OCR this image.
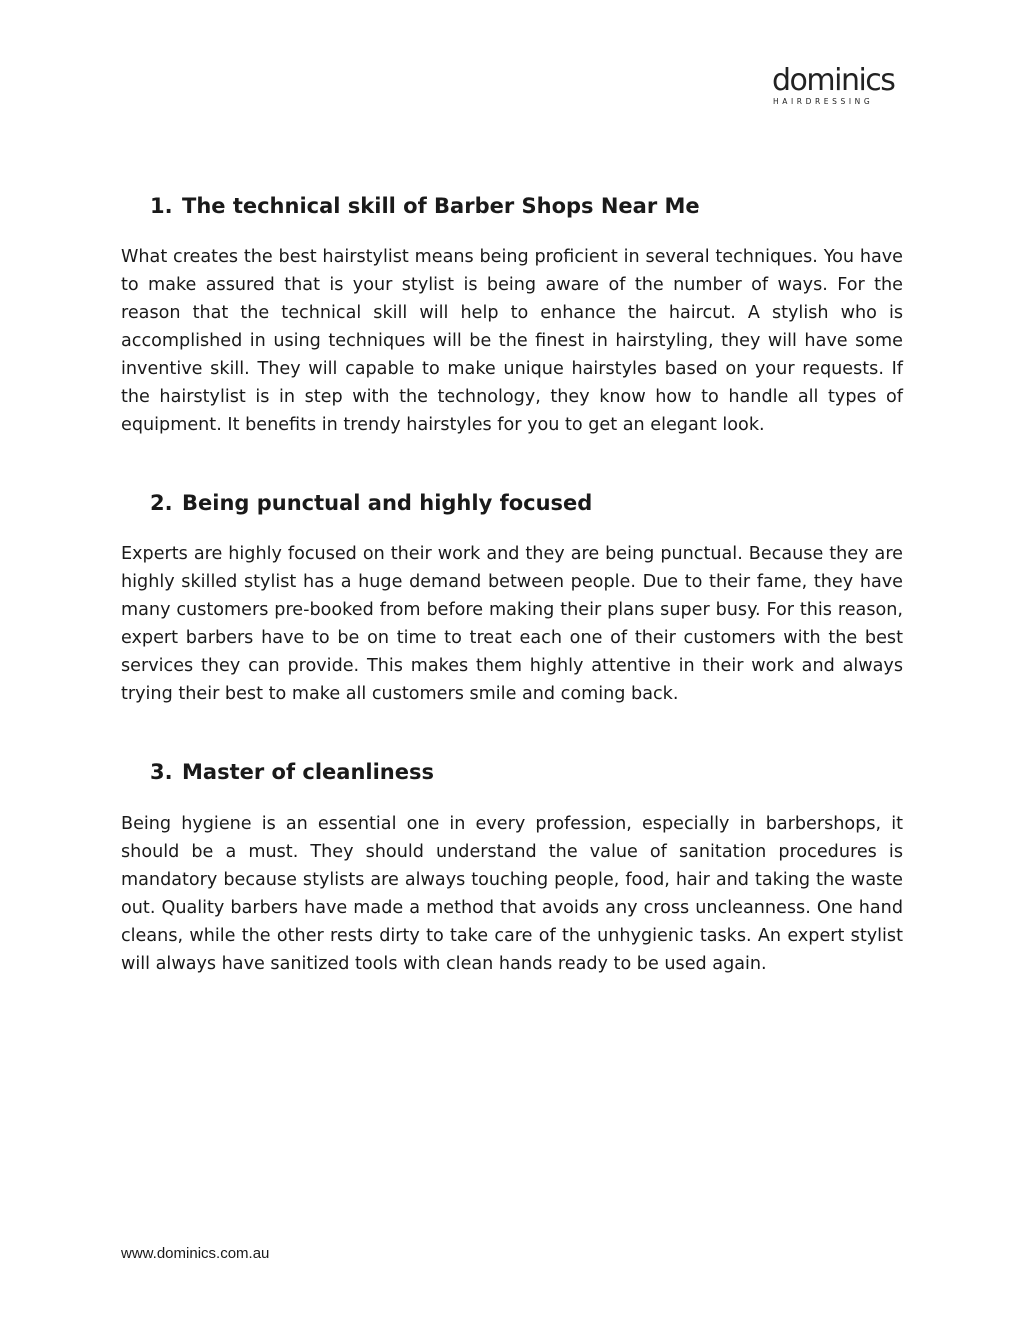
dominics
HAIRDRESSING
1. The technical skill of Barber Shops Near Me

What creates the best hairstylist means being proficient in several techniques. You have to make assured that is your stylist is being aware of the number of ways. For the reason that the technical skill will help to enhance the haircut. A stylish who is accomplished in using techniques will be the finest in hairstyling, they will have some inventive skill. They will capable to make unique hairstyles based on your requests. If the hairstylist is in step with the technology, they know how to handle all types of equipment. It benefits in trendy hairstyles for you to get an elegant look.

2. Being punctual and highly focused

Experts are highly focused on their work and they are being punctual. Because they are highly skilled stylist has a huge demand between people. Due to their fame, they have many customers pre-booked from before making their plans super busy. For this reason, expert barbers have to be on time to treat each one of their customers with the best services they can provide. This makes them highly attentive in their work and always trying their best to make all customers smile and coming back.

3. Master of cleanliness

Being hygiene is an essential one in every profession, especially in barbershops, it should be a must. They should understand the value of sanitation procedures is mandatory because stylists are always touching people, food, hair and taking the waste out. Quality barbers have made a method that avoids any cross uncleanness. One hand cleans, while the other rests dirty to take care of the unhygienic tasks. An expert stylist will always have sanitized tools with clean hands ready to be used again.

www.dominics.com.au
